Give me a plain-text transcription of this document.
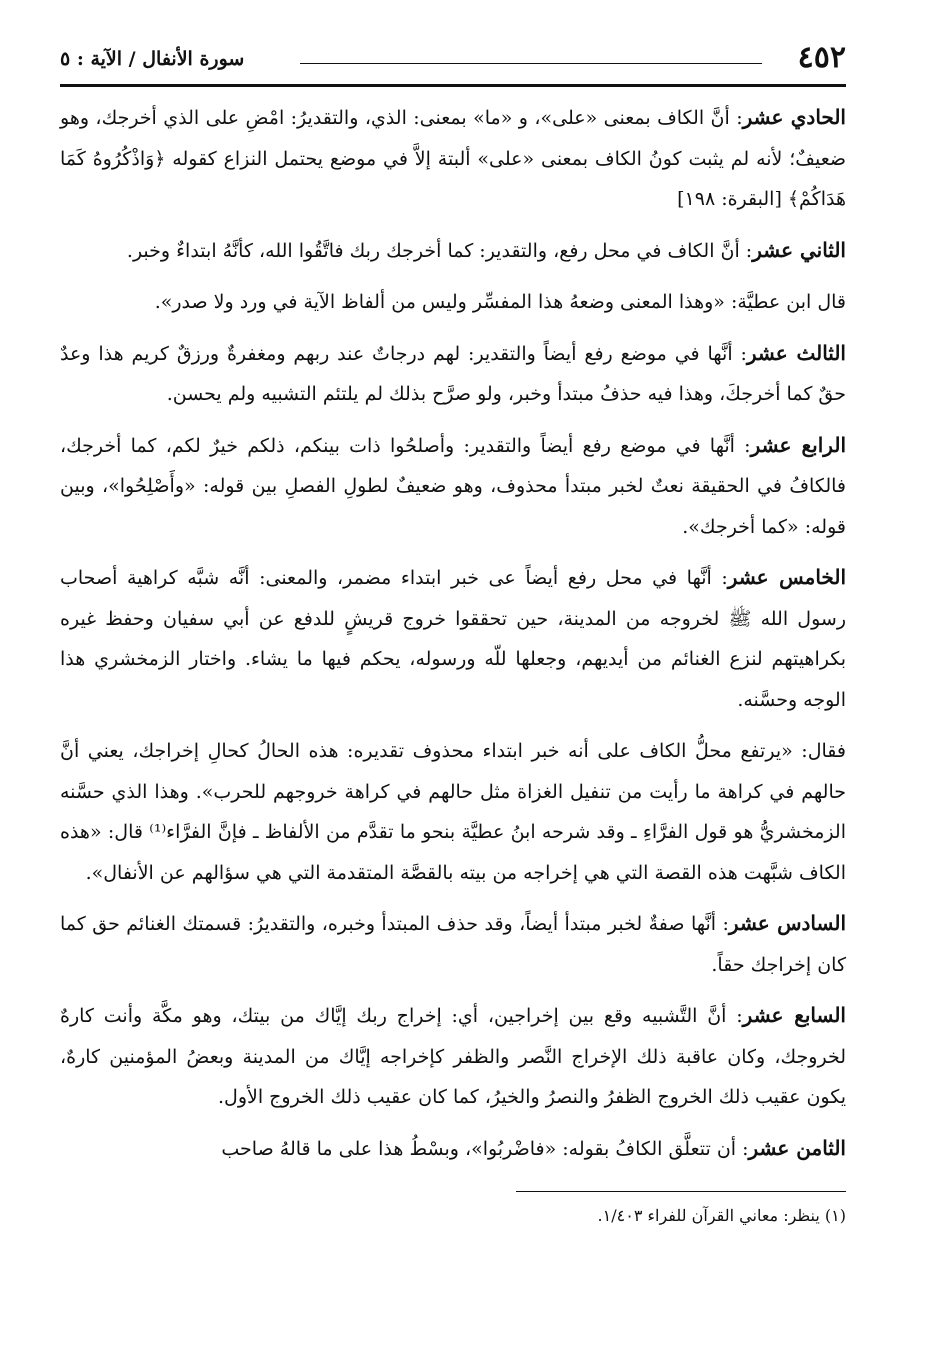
٤٥٢
سورة الأنفال / الآية : ٥

الحادي عشر: أنَّ الكاف بمعنى «على»، و «ما» بمعنى: الذي، والتقديرُ: امْضِ على الذي أخرجك، وهو ضعيفٌ؛ لأنه لم يثبت كونُ الكاف بمعنى «على» ألبتة إلاَّ في موضع يحتمل النزاع كقوله ﴿وَاذْكُرُوهُ كَمَا هَدَاكُمْ﴾ [البقرة: ١٩٨]

الثاني عشر: أنَّ الكاف في محل رفع، والتقدير: كما أخرجك ربك فاتَّقُوا الله، كأنَّهُ ابتداءٌ وخبر.

قال ابن عطيَّة: «وهذا المعنى وضعهُ هذا المفسِّر وليس من ألفاظ الآية في ورد ولا صدر».

الثالث عشر: أنَّها في موضع رفع أيضاً والتقدير: لهم درجاتٌ عند ربهم ومغفرةٌ ورزقٌ كريم هذا وعدٌ حقٌ كما أخرجكَ، وهذا فيه حذفُ مبتدأ وخبر، ولو صرَّح بذلك لم يلتئم التشبيه ولم يحسن.

الرابع عشر: أنَّها في موضع رفع أيضاً والتقدير: وأصلحُوا ذات بينكم، ذلكم خيرٌ لكم، كما أخرجك، فالكافُ في الحقيقة نعتٌ لخبر مبتدأ محذوف، وهو ضعيفٌ لطولِ الفصلِ بين قوله: «وأَصْلِحُوا»، وبين قوله: «كما أخرجك».

الخامس عشر: أنَّها في محل رفع أيضاً عى خبر ابتداء مضمر، والمعنى: أنَّه شبَّه كراهية أصحاب رسول الله ﷺ لخروجه من المدينة، حين تحققوا خروج قريشٍ للدفع عن أبي سفيان وحفظ غيره بكراهيتهم لنزع الغنائم من أيديهم، وجعلها للّه ورسوله، يحكم فيها ما يشاء. واختار الزمخشري هذا الوجه وحسَّنه.

فقال: «يرتفع محلُّ الكاف على أنه خبر ابتداء محذوف تقديره: هذه الحالُ كحالِ إخراجك، يعني أنَّ حالهم في كراهة ما رأيت من تنفيل الغزاة مثل حالهم في كراهة خروجهم للحرب». وهذا الذي حسَّنه الزمخشريُّ هو قول الفرَّاءِ ـ وقد شرحه ابنُ عطيَّة بنحو ما تقدَّم من الألفاظ ـ فإنَّ الفرَّاء⁽¹⁾ قال: «هذه الكاف شبَّهت هذه القصة التي هي إخراجه من بيته بالقصَّة المتقدمة التي هي سؤالهم عن الأنفال».

السادس عشر: أنَّها صفةٌ لخبر مبتدأ أيضاً، وقد حذف المبتدأ وخبره، والتقديرُ: قسمتك الغنائم حق كما كان إخراجك حقاً.

السابع عشر: أنَّ التَّشبيه وقع بين إخراجين، أي: إخراج ربك إيَّاك من بيتك، وهو مكَّة وأنت كارهٌ لخروجك، وكان عاقبة ذلك الإخراج النَّصر والظفر كإخراجه إيَّاك من المدينة وبعضُ المؤمنين كارهٌ، يكون عقيب ذلك الخروج الظفرُ والنصرُ والخيرُ، كما كان عقيب ذلك الخروج الأول.

الثامن عشر: أن تتعلَّق الكافُ بقوله: «فاضْربُوا»، وبسْطُ هذا على ما قالهُ صاحب

(١) ينظر: معاني القرآن للفراء ١/٤٠٣.
